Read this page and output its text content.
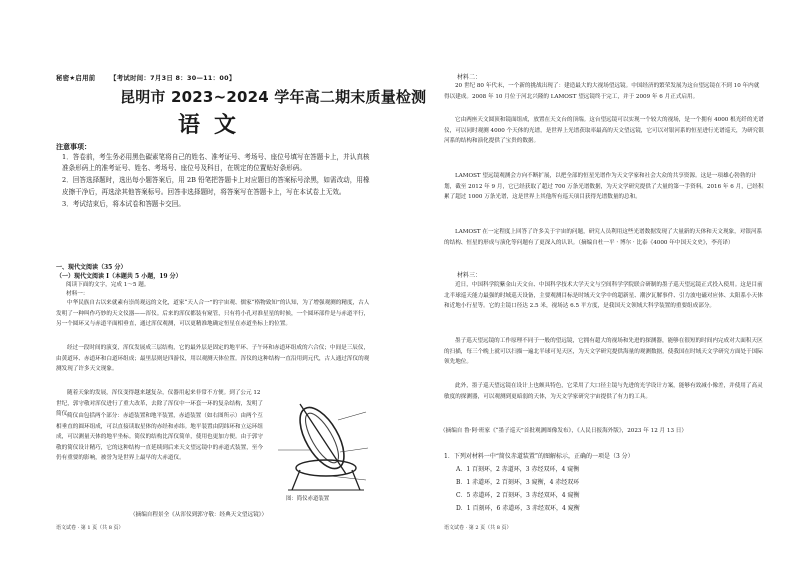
秘密★启用前 【考试时间：7月3日 8：30—11：00】
昆明市 2023~2024 学年高二期末质量检测
语文
注意事项：
1．答卷前，考生务必用黑色碳素笔将自己的姓名、准考证号、考场号、座位号填写在答题卡上，并认真核准条形码上的准考证号、姓名、考场号、座位号及科目，在规定的位置贴好条形码。
2．回答选择题时，选出每小题答案后，用 2B 铅笔把答题卡上对应题目的答案标号涂黑，如需改动，用橡皮擦干净后，再选涂其他答案标号。回答非选择题时，将答案写在答题卡上，写在本试卷上无效。
3．考试结束后，将本试卷和答题卡交回。
一、现代文阅读（35 分）
（一）现代文阅读 Ⅰ（本题共 5 小题，19 分）
阅读下面的文字，完成 1～5 题。
材料一：
中华民族自古以来就素有崇尚观远的文化，道家“天人合一”的宇宙观、儒家“格物致知”的认知，为了增强观测的精度，古人发明了一种叫作巧妙的天文仪器——浑仪。后来的浑仪都装有窥管，只有将小孔对准星星的时候，一个圆环部件是与赤道平行，另一个圆环又与赤道平面相垂直，通过浑仪观测，可以更精准地确定恒星在赤道坐标上的位置。
经过一段时间的演变，浑仪发展成三层结构，它的最外层是固定的地平环、子午环和赤道环组成的六合仪；中间是三辰仪，由黄道环、赤道环和白道环组成；最里层则是四游仪，用以观测天体位置。浑仪的这种结构一直沿用到元代，古人通过浑仪的观测发现了许多天文现象。
随着天象的发展，浑仪变得越来越复杂，仪器用起来非常不方便。到了公元 12 世纪，郭守敬对浑仪进行了重大改革，去除了浑仪中一环套一环的复杂结构，发明了简仪。
简仪由包括两个部分：赤道装置和地平装置，赤道装置（如右图所示）由两个互相垂直的圆环组成，可以直接读取星体的赤经和赤纬。地平装置由阴纬环和立运环组成，可以测量天体的地平坐标。简仪的结构比浑仪简单，使用也更加方便。由于郭守敬的简仪设计精巧，它的这种结构一直延续到后来天文望远镜中的赤道式装置，至今仍有重要的影响，被誉为是世界上最早的大赤道仪。
图：简仪赤道装置
（摘编自程景全《从浑仪到郭守敬：经典天文望远镜》）
语文试卷 · 第 1 页（共 8 页）
材料二：
20 世纪 80 年代末，一个新的挑战出现了：建造最大的大视场望远镜。中国经济的繁荣发展为这台望远镜在不到 10 年内就得以建成。2008 年 10 月位于河北兴隆的 LAMOST 望远镜终于完工，并于 2009 年 6 月正式启用。
它由两座天文圆顶和镜面组成，放置在天文台的顶端。这台望远镜可以实现一个较大的视场，是一个拥有 4000 根光纤的光谱仪，可以同时观测 4000 个天体的光谱，是世界上光谱获取率最高的天文望远镜，它可以对银河系的恒星进行光谱巡天，为研究银河系的结构和演化提供了宝贵的数据。
LAMOST 望远镜观测会方向不断扩展，以把全部的恒星光谱作为天文学家和社会大众的共享资源。这是一项雄心勃勃的计划，截至 2012 年 9 月，它已经获取了超过 700 万条光谱数据，为天文学研究提供了大量的第一手资料。2016 年 6 月，已经积累了超过 1000 万条光谱，这是世界上其他所有巡天项目获得光谱数量的总和。
LAMOST 在一定程度上回答了许多关于宇宙的问题，研究人员利用这些光谱数据发现了大量新的天体和天文现象，对银河系的结构、恒星的形成与演化等问题有了更深入的认识。（摘编自杜一平 · 博尔 · 比泰《4000 年中国天文史》，李亮译）
材料三：
近日，中国科学院紫金山天文台、中国科学技术大学天文与空间科学学院联合研制的墨子巡天望远镜正式投入使用。这是目前北半球巡天能力最强的时域巡天设备，主要观测目标是时域天文学中的超新星、潮汐瓦解事件、引力波电磁对应体、太阳系小天体和近地小行星等。它的主镜口径达 2.5 米，视场达 6.5 平方度，是我国天文领域大科学装置的重要组成部分。
墨子巡天望远镜的工作原理不同于一般的望远镜，它拥有超大的视场和先进的探测器，能够在很短的时间内完成对大面积天区的扫描，每三个晚上就可以扫描一遍北半球可见天区，为天文学研究提供海量的观测数据，使我国在时域天文学研究方面处于国际领先地位。
此外，墨子巡天望远镜在设计上也颇具特色，它采用了大口径主镜与先进的光学设计方案，能够有效减小像差，并使用了高灵敏度的探测器，可以观测到更暗弱的天体，为天文学家研究宇宙提供了有力的工具。
（摘编自 鲁·阿·班家《“墨子巡天”首批观测图像发布》，《人民日报海外版》，2023 年 12 月 13 日）
1．下列对材料一中“简仪赤道装置”的图解标示，正确的一项是（3 分）
A．1 百刻环，2 赤道环，3 赤经双环，4 窥衡
B．1 赤道环，2 百刻环，3 窥衡，4 赤经双环
C．5 赤道环，2 百刻环，3 赤经双环，4 窥衡
D．1 百刻环，6 赤道环，3 赤经双环，4 窥衡
语文试卷 · 第 2 页（共 8 页）
